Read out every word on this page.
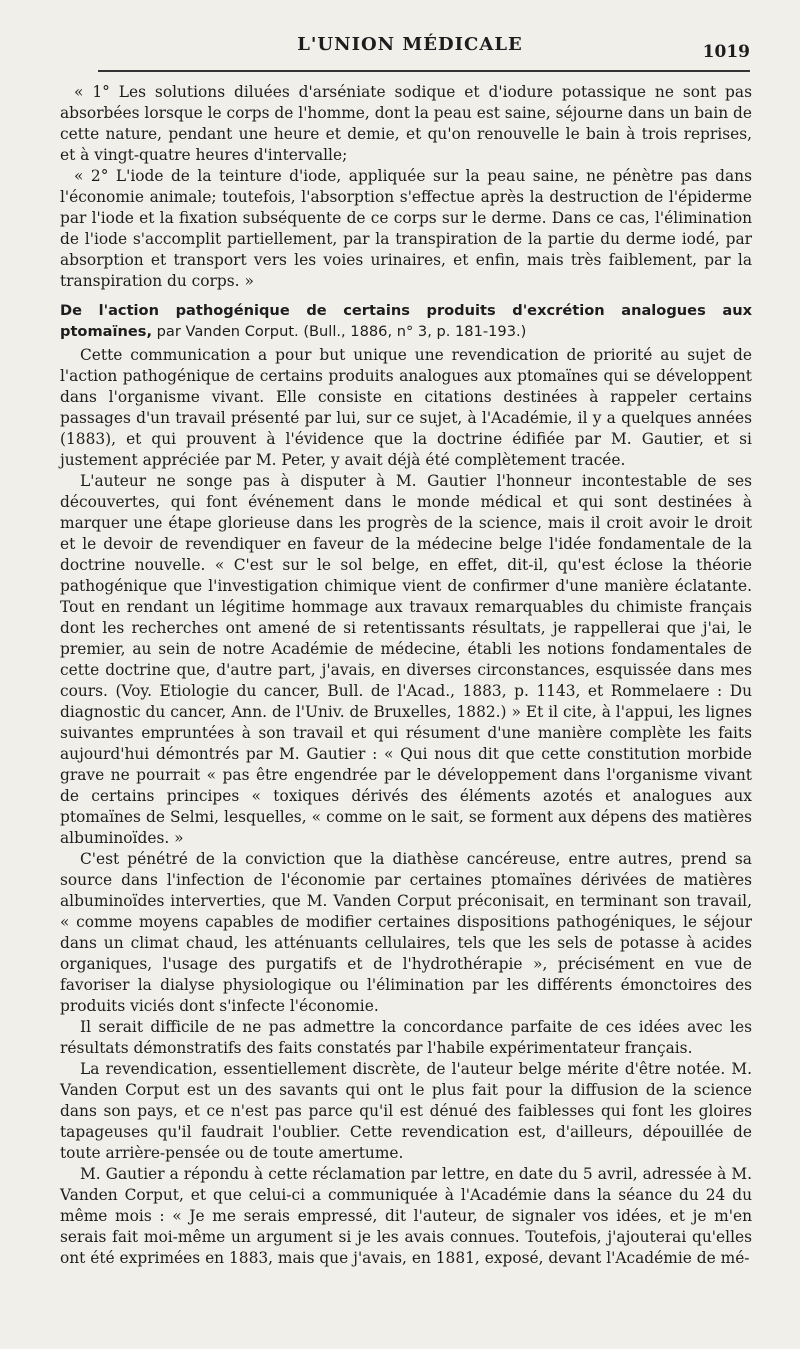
L'UNION MÉDICALE	1019

« 1° Les solutions diluées d'arséniate sodique et d'iodure potassique ne sont pas absorbées lorsque le corps de l'homme, dont la peau est saine, séjourne dans un bain de cette nature, pendant une heure et demie, et qu'on renouvelle le bain à trois reprises, et à vingt-quatre heures d'intervalle;

« 2° L'iode de la teinture d'iode, appliquée sur la peau saine, ne pénètre pas dans l'économie animale; toutefois, l'absorption s'effectue après la destruction de l'épiderme par l'iode et la fixation subséquente de ce corps sur le derme. Dans ce cas, l'élimination de l'iode s'accomplit partiellement, par la transpiration de la partie du derme iodé, par absorption et transport vers les voies urinaires, et enfin, mais très faiblement, par la transpiration du corps. »

De l'action pathogénique de certains produits d'excrétion analogues aux ptomaïnes, par Vanden Corput. (Bull., 1886, n° 3, p. 181-193.)

Cette communication a pour but unique une revendication de priorité au sujet de l'action pathogénique de certains produits analogues aux ptomaïnes qui se développent dans l'organisme vivant. Elle consiste en citations destinées à rappeler certains passages d'un travail présenté par lui, sur ce sujet, à l'Académie, il y a quelques années (1883), et qui prouvent à l'évidence que la doctrine édifiée par M. Gautier, et si justement appréciée par M. Peter, y avait déjà été complètement tracée.

L'auteur ne songe pas à disputer à M. Gautier l'honneur incontestable de ses découvertes, qui font événement dans le monde médical et qui sont destinées à marquer une étape glorieuse dans les progrès de la science, mais il croit avoir le droit et le devoir de revendiquer en faveur de la médecine belge l'idée fondamentale de la doctrine nouvelle. « C'est sur le sol belge, en effet, dit-il, qu'est éclose la théorie pathogénique que l'investigation chimique vient de confirmer d'une manière éclatante. Tout en rendant un légitime hommage aux travaux remarquables du chimiste français dont les recherches ont amené de si retentissants résultats, je rappellerai que j'ai, le premier, au sein de notre Académie de médecine, établi les notions fondamentales de cette doctrine que, d'autre part, j'avais, en diverses circonstances, esquissée dans mes cours. (Voy. Etiologie du cancer, Bull. de l'Acad., 1883, p. 1143, et Rommelaere : Du diagnostic du cancer, Ann. de l'Univ. de Bruxelles, 1882.) » Et il cite, à l'appui, les lignes suivantes empruntées à son travail et qui résument d'une manière complète les faits aujourd'hui démontrés par M. Gautier : « Qui nous dit que cette constitution morbide grave ne pourrait « pas être engendrée par le développement dans l'organisme vivant de certains principes « toxiques dérivés des éléments azotés et analogues aux ptomaïnes de Selmi, lesquelles, « comme on le sait, se forment aux dépens des matières albuminoïdes. »

C'est pénétré de la conviction que la diathèse cancéreuse, entre autres, prend sa source dans l'infection de l'économie par certaines ptomaïnes dérivées de matières albuminoïdes interverties, que M. Vanden Corput préconisait, en terminant son travail, « comme moyens capables de modifier certaines dispositions pathogéniques, le séjour dans un climat chaud, les atténuants cellulaires, tels que les sels de potasse à acides organiques, l'usage des purgatifs et de l'hydrothérapie », précisément en vue de favoriser la dialyse physiologique ou l'élimination par les différents émonctoires des produits viciés dont s'infecte l'économie.

Il serait difficile de ne pas admettre la concordance parfaite de ces idées avec les résultats démonstratifs des faits constatés par l'habile expérimentateur français.

La revendication, essentiellement discrète, de l'auteur belge mérite d'être notée. M. Vanden Corput est un des savants qui ont le plus fait pour la diffusion de la science dans son pays, et ce n'est pas parce qu'il est dénué des faiblesses qui font les gloires tapageuses qu'il faudrait l'oublier. Cette revendication est, d'ailleurs, dépouillée de toute arrière-pensée ou de toute amertume.

M. Gautier a répondu à cette réclamation par lettre, en date du 5 avril, adressée à M. Vanden Corput, et que celui-ci a communiquée à l'Académie dans la séance du 24 du même mois : « Je me serais empressé, dit l'auteur, de signaler vos idées, et je m'en serais fait moi-même un argument si je les avais connues. Toutefois, j'ajouterai qu'elles ont été exprimées en 1883, mais que j'avais, en 1881, exposé, devant l'Académie de mé-
